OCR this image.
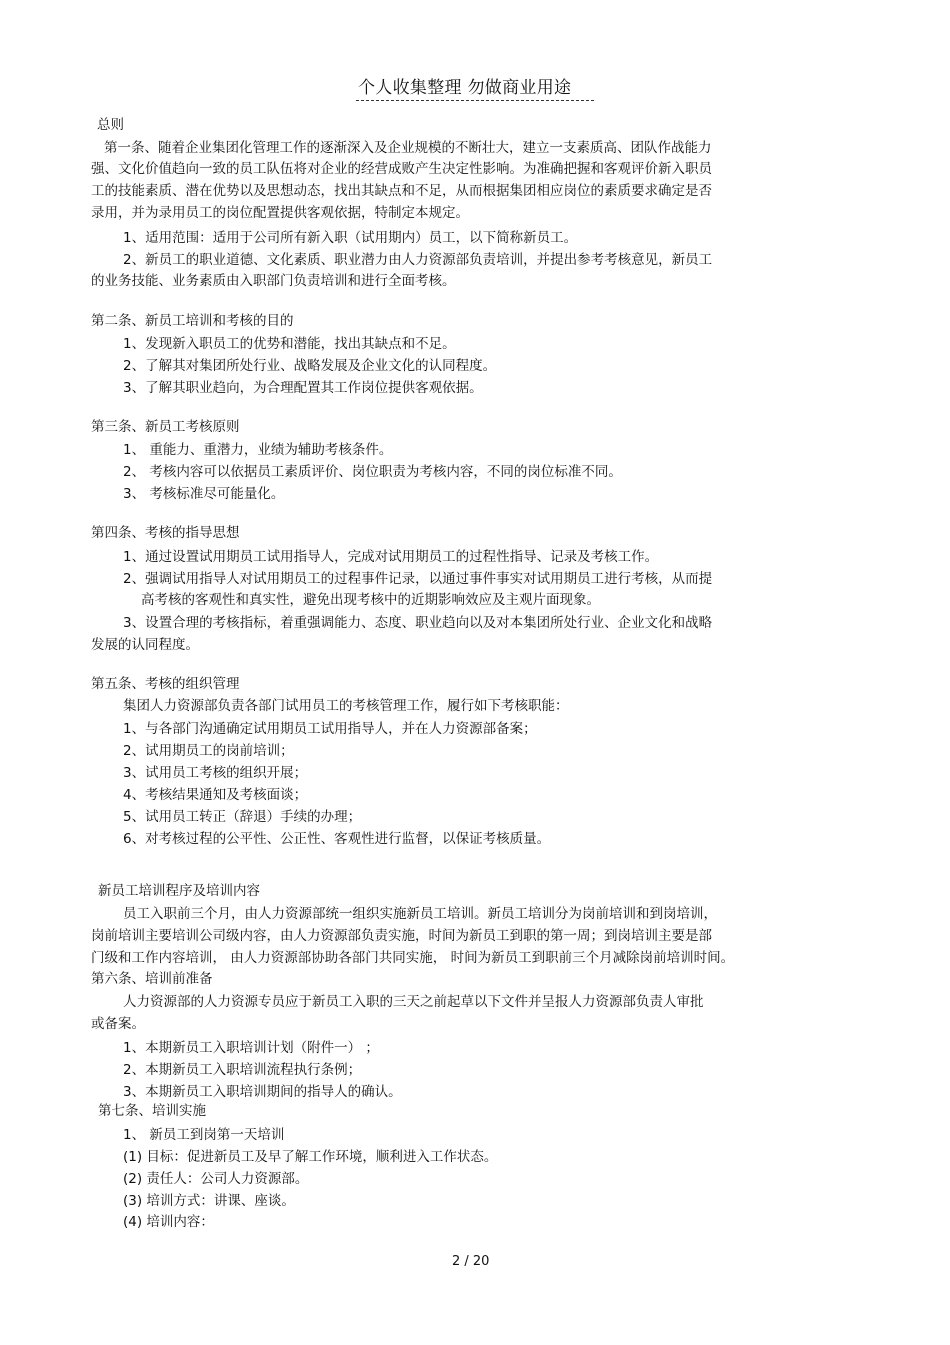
个人收集整理 勿做商业用途
总则
第一条、随着企业集团化管理工作的逐渐深入及企业规模的不断壮大，建立一支素质高、团队作战能力
强、文化价值趋向一致的员工队伍将对企业的经营成败产生决定性影响。为准确把握和客观评价新入职员
工的技能素质、潜在优势以及思想动态，找出其缺点和不足，从而根据集团相应岗位的素质要求确定是否
录用，并为录用员工的岗位配置提供客观依据，特制定本规定。
1、适用范围：适用于公司所有新入职（试用期内）员工，以下简称新员工。
2、新员工的职业道德、文化素质、职业潜力由人力资源部负责培训，并提出参考考核意见，新员工
的业务技能、业务素质由入职部门负责培训和进行全面考核。
第二条、新员工培训和考核的目的
1、发现新入职员工的优势和潜能，找出其缺点和不足。
2、了解其对集团所处行业、战略发展及企业文化的认同程度。
3、了解其职业趋向，为合理配置其工作岗位提供客观依据。
第三条、新员工考核原则
1、 重能力、重潜力，业绩为辅助考核条件。
2、 考核内容可以依据员工素质评价、岗位职责为考核内容，不同的岗位标准不同。
3、 考核标准尽可能量化。
第四条、考核的指导思想
1、通过设置试用期员工试用指导人，完成对试用期员工的过程性指导、记录及考核工作。
2、强调试用指导人对试用期员工的过程事件记录，以通过事件事实对试用期员工进行考核，从而提
高考核的客观性和真实性，避免出现考核中的近期影响效应及主观片面现象。
3、设置合理的考核指标，着重强调能力、态度、职业趋向以及对本集团所处行业、企业文化和战略
发展的认同程度。
第五条、考核的组织管理
集团人力资源部负责各部门试用员工的考核管理工作，履行如下考核职能：
1、与各部门沟通确定试用期员工试用指导人，并在人力资源部备案；
2、试用期员工的岗前培训；
3、试用员工考核的组织开展；
4、考核结果通知及考核面谈；
5、试用员工转正（辞退）手续的办理；
6、对考核过程的公平性、公正性、客观性进行监督，以保证考核质量。
新员工培训程序及培训内容
员工入职前三个月，由人力资源部统一组织实施新员工培训。新员工培训分为岗前培训和到岗培训，
岗前培训主要培训公司级内容，由人力资源部负责实施，时间为新员工到职的第一周；到岗培训主要是部
门级和工作内容培训， 由人力资源部协助各部门共同实施， 时间为新员工到职前三个月减除岗前培训时间。
第六条、培训前准备
人力资源部的人力资源专员应于新员工入职的三天之前起草以下文件并呈报人力资源部负责人审批
或备案。
1、本期新员工入职培训计划（附件一） ；
2、本期新员工入职培训流程执行条例；
3、本期新员工入职培训期间的指导人的确认。
第七条、培训实施
1、 新员工到岗第一天培训
(1) 目标：促进新员工及早了解工作环境，顺利进入工作状态。
(2) 责任人：公司人力资源部。
(3) 培训方式：讲课、座谈。
(4) 培训内容：
2 / 20
